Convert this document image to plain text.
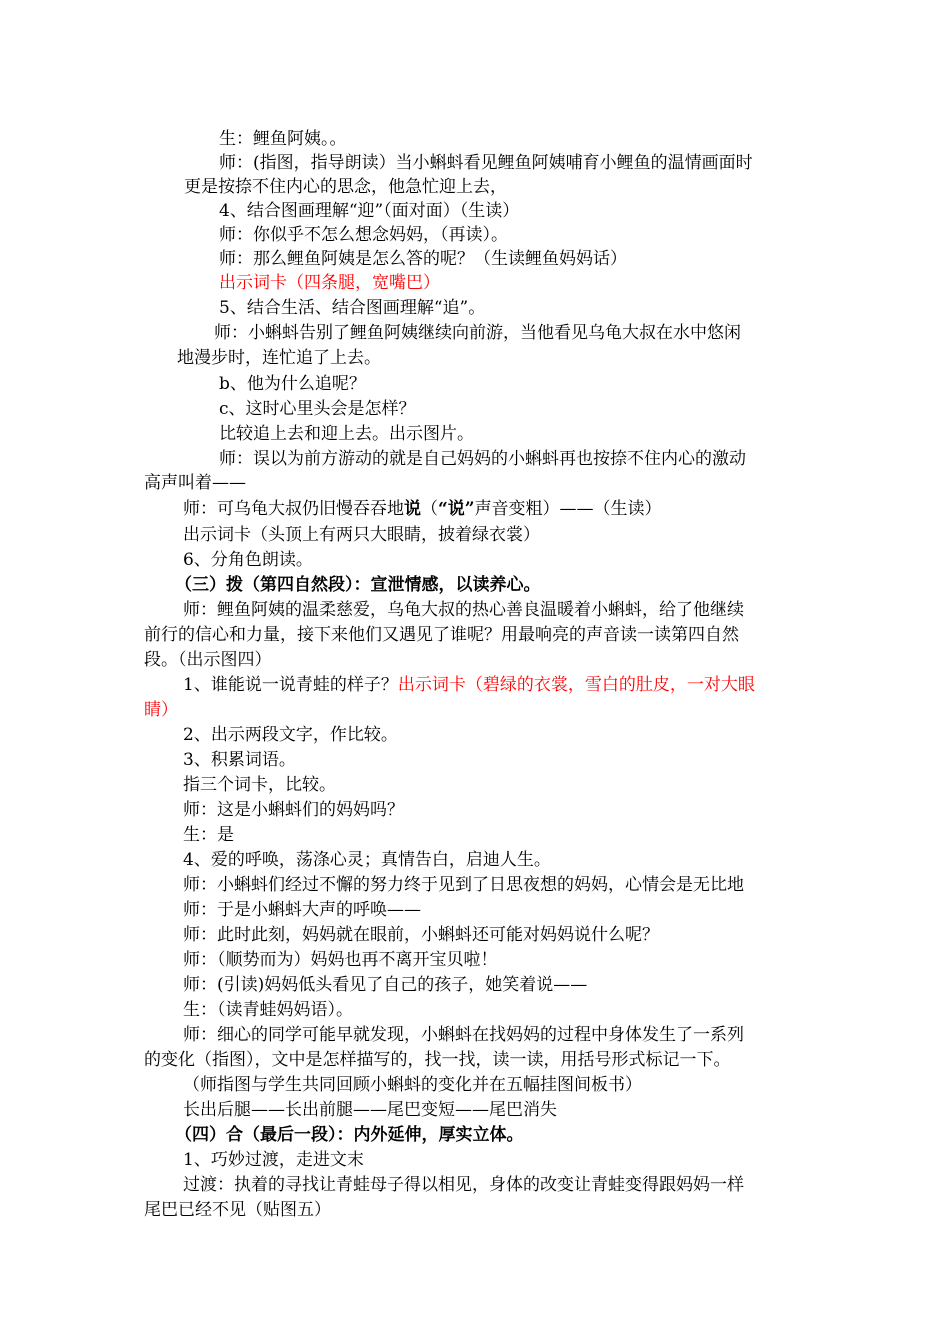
生：鲤鱼阿姨。。
师：(指图，指导朗读）当小蝌蚪看见鲤鱼阿姨哺育小鲤鱼的温情画面时
更是按捺不住内心的思念，他急忙迎上去，
4、结合图画理解“迎”（面对面）（生读）
师：你似乎不怎么想念妈妈，（再读）。
师：那么鲤鱼阿姨是怎么答的呢？（生读鲤鱼妈妈话）
出示词卡（四条腿，宽嘴巴）
5、结合生活、结合图画理解“追”。
师：小蝌蚪告别了鲤鱼阿姨继续向前游，当他看见乌龟大叔在水中悠闲
地漫步时，连忙追了上去。
b、他为什么追呢？
c、这时心里头会是怎样？
比较追上去和迎上去。出示图片。
师：误以为前方游动的就是自己妈妈的小蝌蚪再也按捺不住内心的激动
高声叫着——
师：可乌龟大叔仍旧慢吞吞地说（“说”声音变粗）——（生读）
出示词卡（头顶上有两只大眼睛，披着绿衣裳）
6、分角色朗读。
（三）拨（第四自然段）：宣泄情感，以读养心。
师：鲤鱼阿姨的温柔慈爱，乌龟大叔的热心善良温暖着小蝌蚪，给了他继续
前行的信心和力量，接下来他们又遇见了谁呢？用最响亮的声音读一读第四自然
段。（出示图四）
1、谁能说一说青蛙的样子？出示词卡（碧绿的衣裳，雪白的肚皮，一对大眼
睛）
2、出示两段文字，作比较。
3、积累词语。
指三个词卡，比较。
师：这是小蝌蚪们的妈妈吗？
生：是
4、爱的呼唤，荡涤心灵；真情告白，启迪人生。
师：小蝌蚪们经过不懈的努力终于见到了日思夜想的妈妈，心情会是无比地
师：于是小蝌蚪大声的呼唤——
师：此时此刻，妈妈就在眼前，小蝌蚪还可能对妈妈说什么呢？
师：（顺势而为）妈妈也再不离开宝贝啦！
师：(引读)妈妈低头看见了自己的孩子，她笑着说——
生：（读青蛙妈妈语）。
师：细心的同学可能早就发现，小蝌蚪在找妈妈的过程中身体发生了一系列
的变化（指图），文中是怎样描写的，找一找，读一读，用括号形式标记一下。
（师指图与学生共同回顾小蝌蚪的变化并在五幅挂图间板书）
长出后腿——长出前腿——尾巴变短——尾巴消失
（四）合（最后一段）：内外延伸，厚实立体。
1、巧妙过渡，走进文末
过渡：执着的寻找让青蛙母子得以相见，身体的改变让青蛙变得跟妈妈一样
尾巴已经不见（贴图五）
